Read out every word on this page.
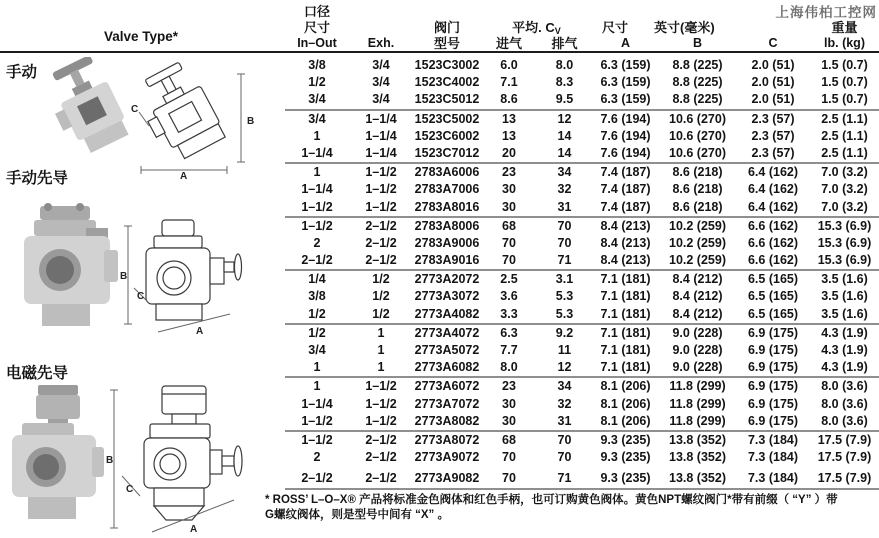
上海伟柏工控网
Valve Type*
手动
手动先导
电磁先导
B
A
C
B
C
A
B
C
A
口径
尺寸	阀门	平均. $C_V$	尺寸 英寸(毫米)	重量
In–Out	Exh.	型号	进气	排气	A	B	C	lb. (kg)
3/8	3/4	1523C3002	6.0	8.0	6.3 (159)	8.8 (225)	2.0 (51)	1.5 (0.7)
1/2	3/4	1523C4002	7.1	8.3	6.3 (159)	8.8 (225)	2.0 (51)	1.5 (0.7)
3/4	3/4	1523C5012	8.6	9.5	6.3 (159)	8.8 (225)	2.0 (51)	1.5 (0.7)
3/4	1–1/4	1523C5002	13	12	7.6 (194)	10.6 (270)	2.3 (57)	2.5 (1.1)
1	1–1/4	1523C6002	13	14	7.6 (194)	10.6 (270)	2.3 (57)	2.5 (1.1)
1–1/4	1–1/4	1523C7012	20	14	7.6 (194)	10.6 (270)	2.3 (57)	2.5 (1.1)
1	1–1/2	2783A6006	23	34	7.4 (187)	8.6 (218)	6.4 (162)	7.0 (3.2)
1–1/4	1–1/2	2783A7006	30	32	7.4 (187)	8.6 (218)	6.4 (162)	7.0 (3.2)
1–1/2	1–1/2	2783A8016	30	31	7.4 (187)	8.6 (218)	6.4 (162)	7.0 (3.2)
1–1/2	2–1/2	2783A8006	68	70	8.4 (213)	10.2 (259)	6.6 (162)	15.3 (6.9)
2	2–1/2	2783A9006	70	70	8.4 (213)	10.2 (259)	6.6 (162)	15.3 (6.9)
2–1/2	2–1/2	2783A9016	70	71	8.4 (213)	10.2 (259)	6.6 (162)	15.3 (6.9)
1/4	1/2	2773A2072	2.5	3.1	7.1 (181)	8.4 (212)	6.5 (165)	3.5 (1.6)
3/8	1/2	2773A3072	3.6	5.3	7.1 (181)	8.4 (212)	6.5 (165)	3.5 (1.6)
1/2	1/2	2773A4082	3.3	5.3	7.1 (181)	8.4 (212)	6.5 (165)	3.5 (1.6)
1/2	1	2773A4072	6.3	9.2	7.1 (181)	9.0 (228)	6.9 (175)	4.3 (1.9)
3/4	1	2773A5072	7.7	11	7.1 (181)	9.0 (228)	6.9 (175)	4.3 (1.9)
1	1	2773A6082	8.0	12	7.1 (181)	9.0 (228)	6.9 (175)	4.3 (1.9)
1	1–1/2	2773A6072	23	34	8.1 (206)	11.8 (299)	6.9 (175)	8.0 (3.6)
1–1/4	1–1/2	2773A7072	30	32	8.1 (206)	11.8 (299)	6.9 (175)	8.0 (3.6)
1–1/2	1–1/2	2773A8082	30	31	8.1 (206)	11.8 (299)	6.9 (175)	8.0 (3.6)
1–1/2	2–1/2	2773A8072	68	70	9.3 (235)	13.8 (352)	7.3 (184)	17.5 (7.9)
2	2–1/2	2773A9072	70	70	9.3 (235)	13.8 (352)	7.3 (184)	17.5 (7.9)
2–1/2	2–1/2	2773A9082	70	71	9.3 (235)	13.8 (352)	7.3 (184)	17.5 (7.9)
* ROSS’ L–O–X® 产品将标准金色阀体和红色手柄，也可订购黄色阀体。黄色NPT螺纹阀门*带有前缀（ “Y” ）带
G螺纹阀体，则是型号中间有 “X” 。
